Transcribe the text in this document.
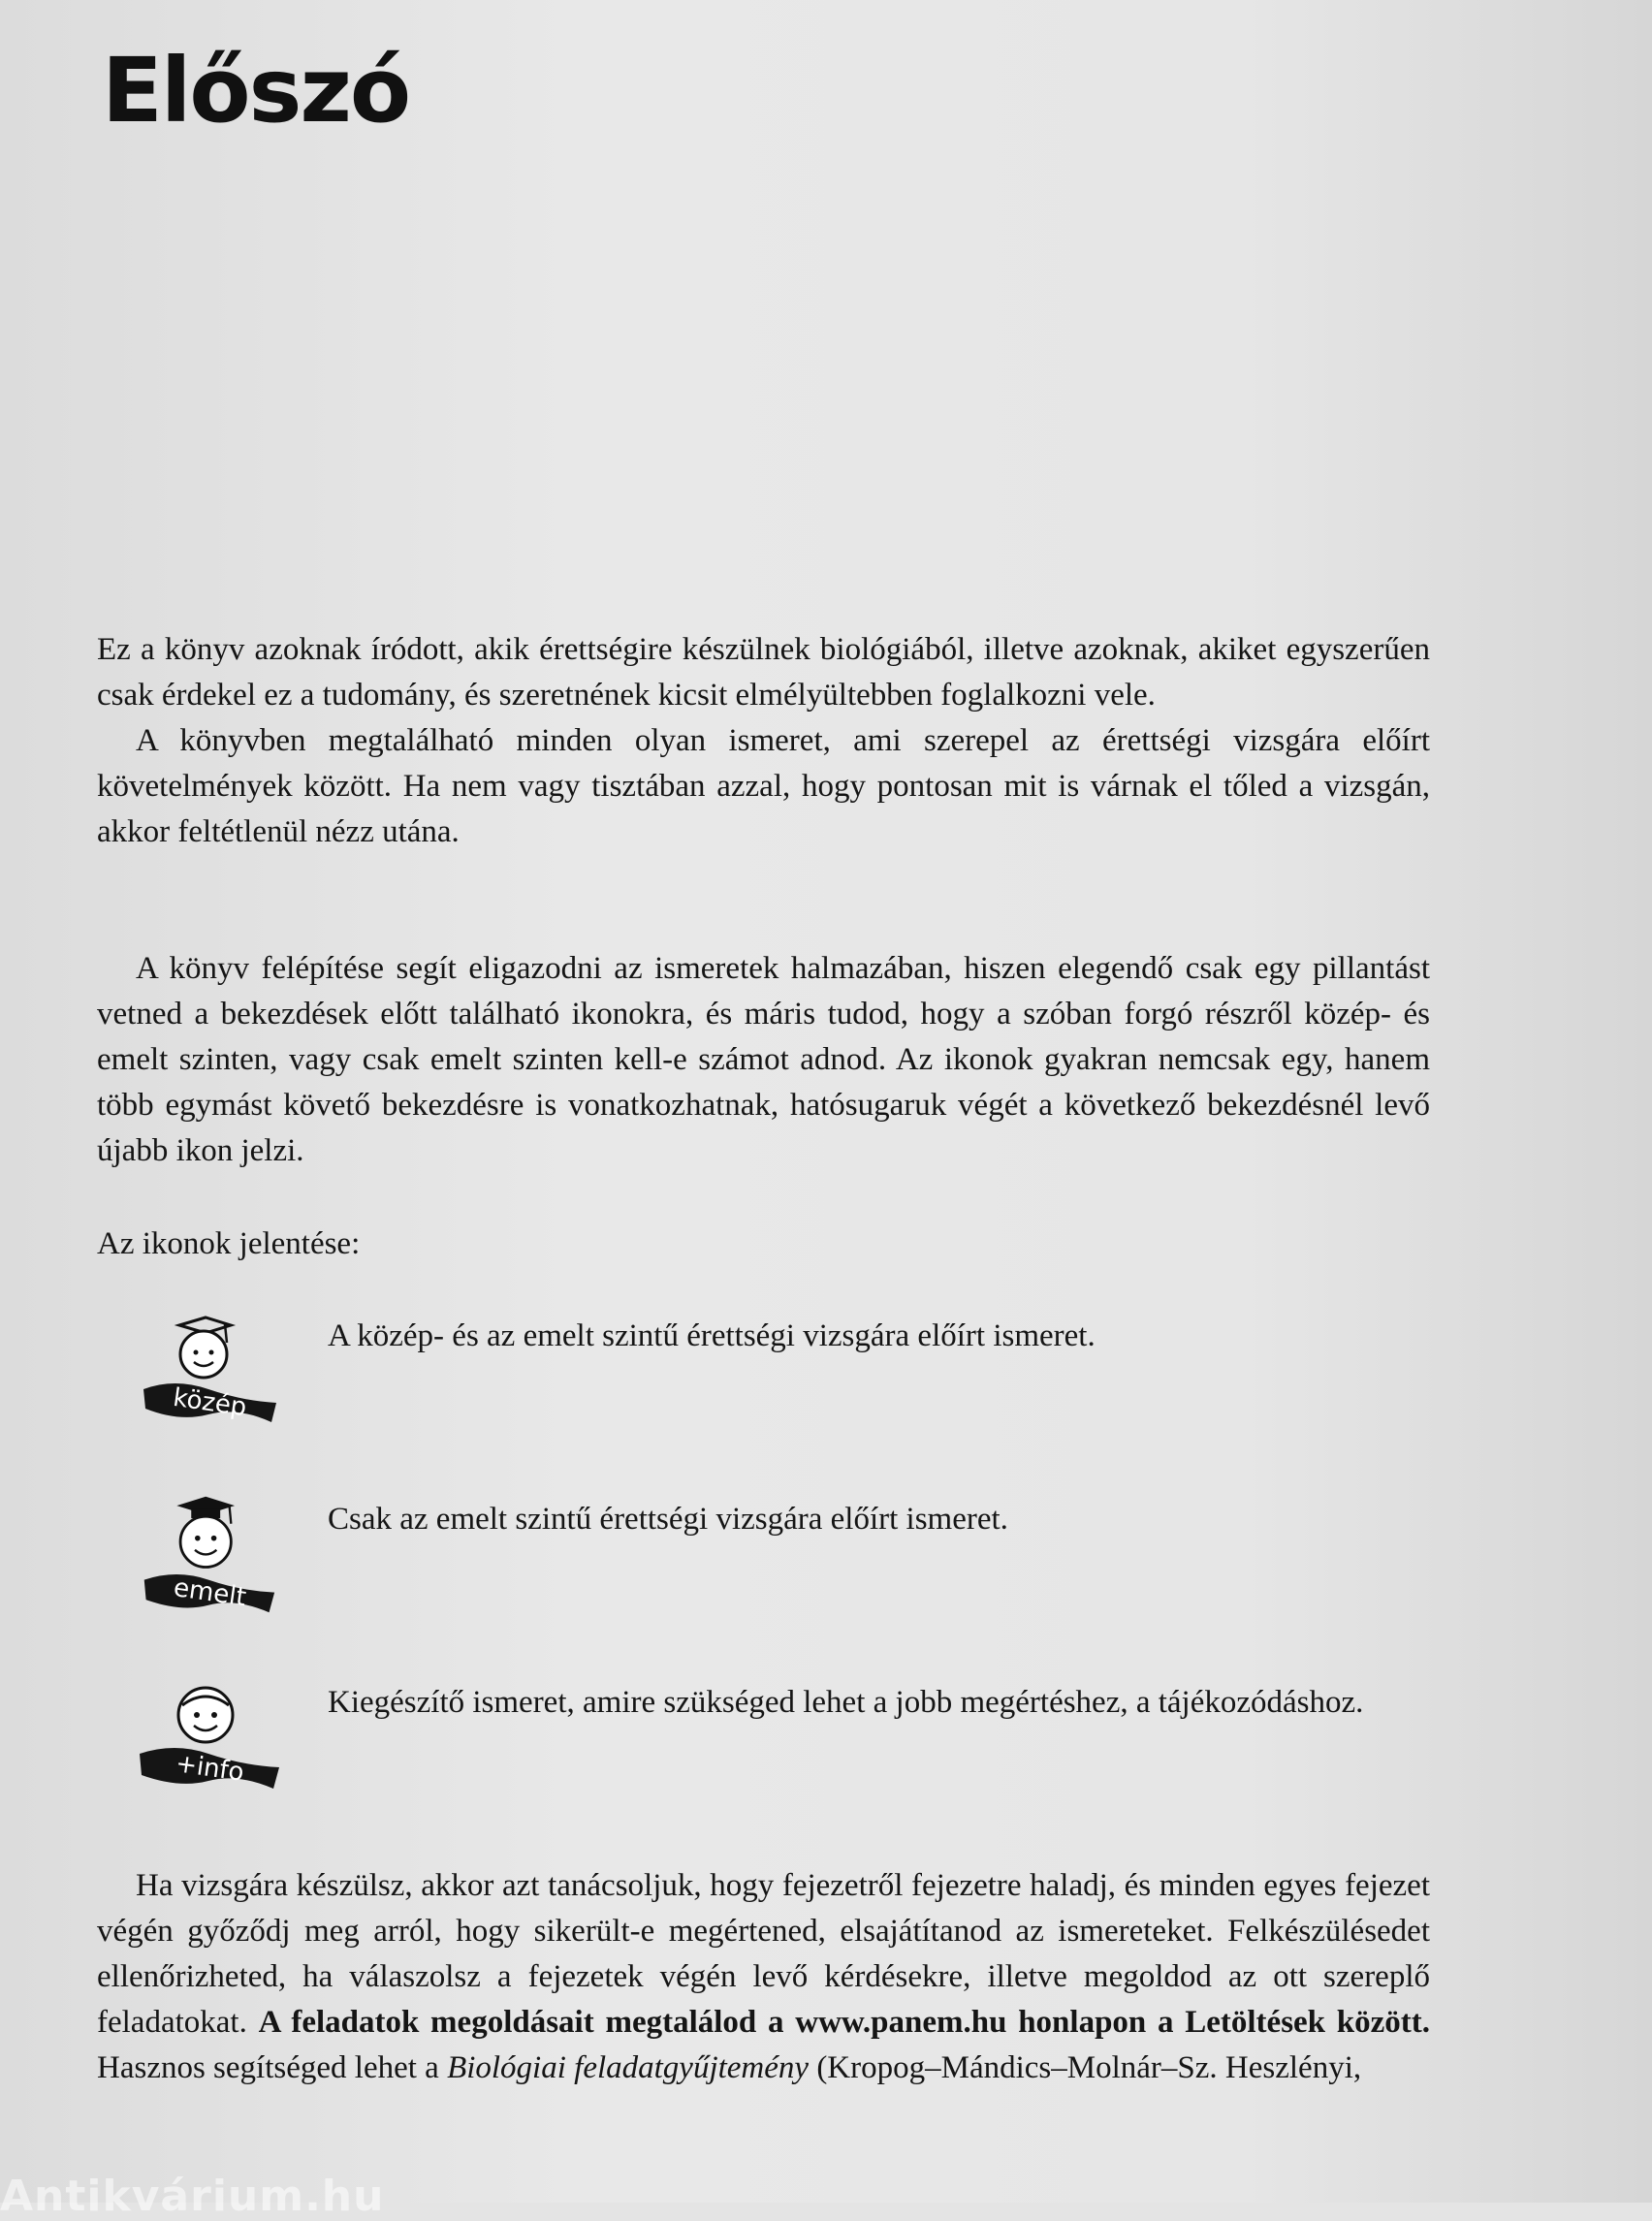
Előszó

Ez a könyv azoknak íródott, akik érettségire készülnek biológiából, illetve azoknak, akiket egyszerűen csak érdekel ez a tudomány, és szeretnének kicsit elmélyültebben foglalkozni vele.

A könyvben megtalálható minden olyan ismeret, ami szerepel az érettségi vizsgára előírt követelmények között. Ha nem vagy tisztában azzal, hogy pontosan mit is várnak el tőled a vizsgán, akkor feltétlenül nézz utána.

A könyv felépítése segít eligazodni az ismeretek halmazában, hiszen elegendő csak egy pillantást vetned a bekezdések előtt található ikonokra, és máris tudod, hogy a szóban forgó részről közép- és emelt szinten, vagy csak emelt szinten kell-e számot adnod. Az ikonok gyakran nemcsak egy, hanem több egymást követő bekezdésre is vonatkozhatnak, hatósugaruk végét a következő bekezdésnél levő újabb ikon jelzi.

Az ikonok jelentése:

közép
A közép- és az emelt szintű érettségi vizsgára előírt ismeret.
emelt
Csak az emelt szintű érettségi vizsgára előírt ismeret.
+info
Kiegészítő ismeret, amire szükséged lehet a jobb megértéshez, a tájékozódáshoz.

Ha vizsgára készülsz, akkor azt tanácsoljuk, hogy fejezetről fejezetre haladj, és minden egyes fejezet végén győződj meg arról, hogy sikerült-e megértened, elsajátítanod az ismereteket. Felkészülésedet ellenőrizheted, ha válaszolsz a fejezetek végén levő kérdésekre, illetve megoldod az ott szereplő feladatokat. A feladatok megoldásait megtalálod a www.panem.hu honlapon a Letöltések között. Hasznos segítséged lehet a Biológiai feladatgyűjtemény (Kropog–Mándics–Molnár–Sz. Heszlényi,

Antikvárium.hu
